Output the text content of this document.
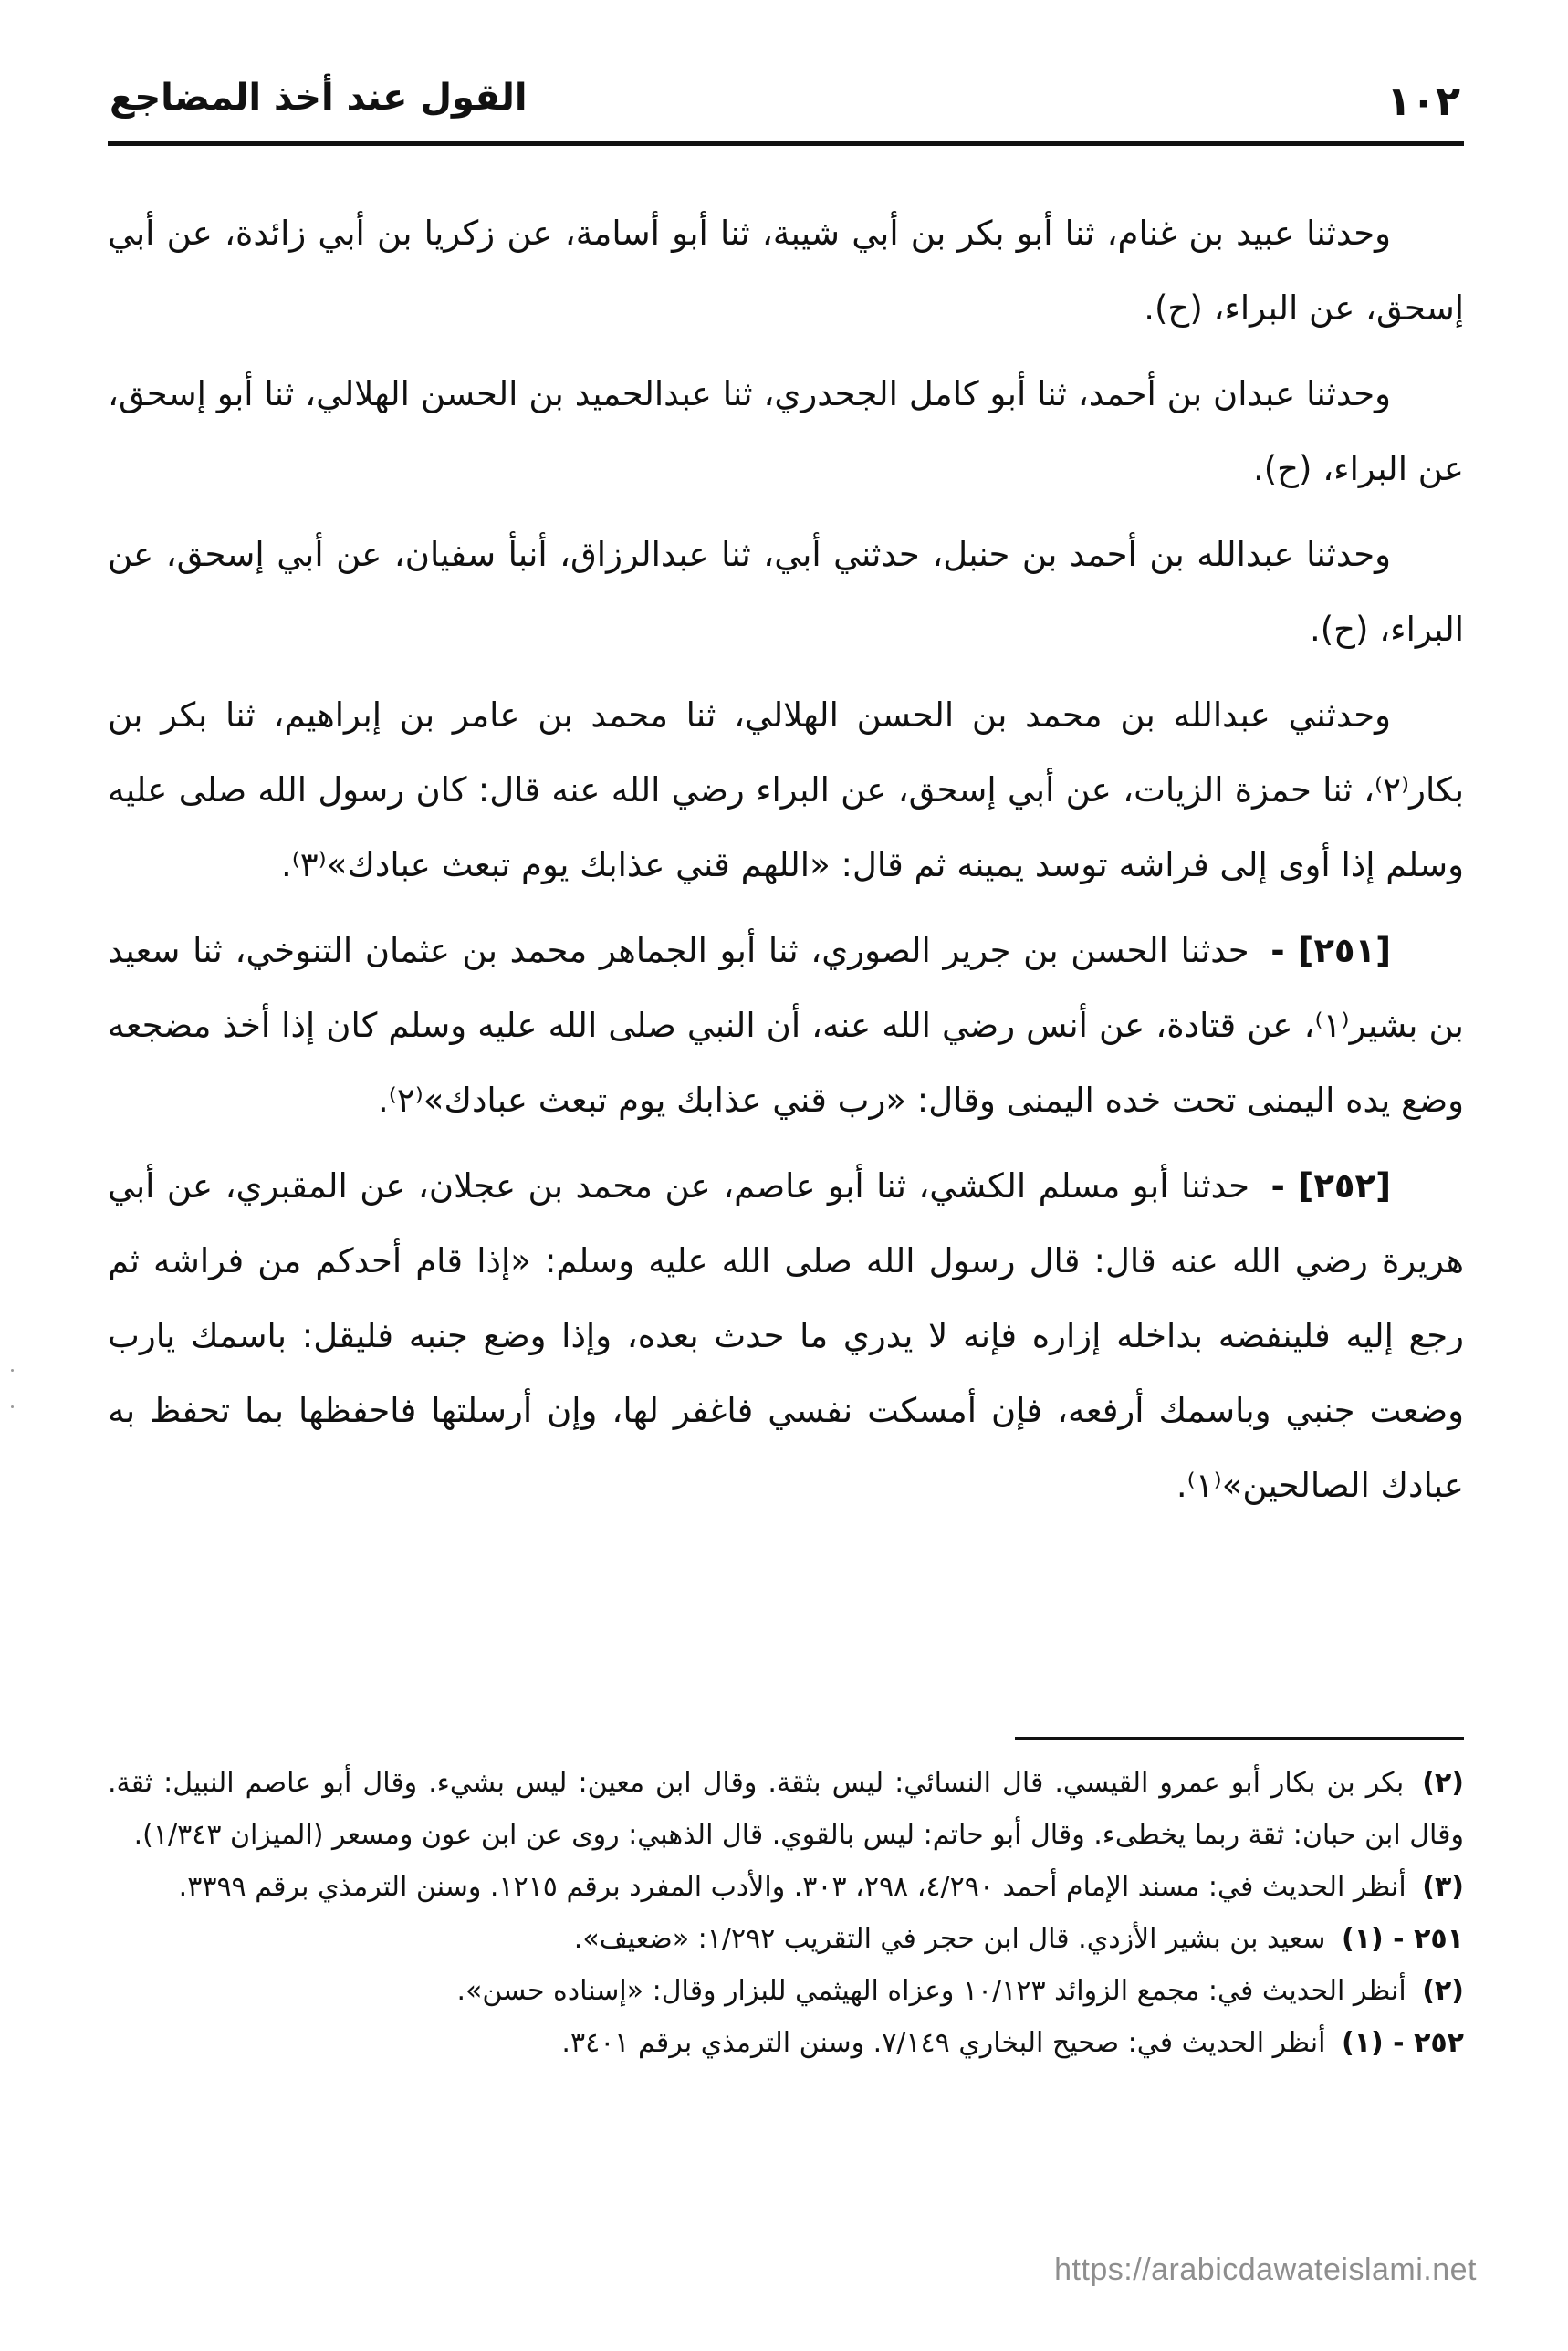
١٠٢
القول عند أخذ المضاجع

وحدثنا عبيد بن غنام، ثنا أبو بكر بن أبي شيبة، ثنا أبو أسامة، عن زكريا بن أبي زائدة، عن أبي إسحق، عن البراء، (ح).

وحدثنا عبدان بن أحمد، ثنا أبو كامل الجحدري، ثنا عبدالحميد بن الحسن الهلالي، ثنا أبو إسحق، عن البراء، (ح).

وحدثنا عبدالله بن أحمد بن حنبل، حدثني أبي، ثنا عبدالرزاق، أنبأ سفيان، عن أبي إسحق، عن البراء، (ح).

وحدثني عبدالله بن محمد بن الحسن الهلالي، ثنا محمد بن عامر بن إبراهيم، ثنا بكر بن بكار⁽٢⁾، ثنا حمزة الزيات، عن أبي إسحق، عن البراء رضي الله عنه قال: كان رسول الله صلى عليه وسلم إذا أوى إلى فراشه توسد يمينه ثم قال: «اللهم قني عذابك يوم تبعث عبادك»⁽٣⁾.

[٢٥١] - حدثنا الحسن بن جرير الصوري، ثنا أبو الجماهر محمد بن عثمان التنوخي، ثنا سعيد بن بشير⁽١⁾، عن قتادة، عن أنس رضي الله عنه، أن النبي صلى الله عليه وسلم كان إذا أخذ مضجعه وضع يده اليمنى تحت خده اليمنى وقال: «رب قني عذابك يوم تبعث عبادك»⁽٢⁾.

[٢٥٢] - حدثنا أبو مسلم الكشي، ثنا أبو عاصم، عن محمد بن عجلان، عن المقبري، عن أبي هريرة رضي الله عنه قال: قال رسول الله صلى الله عليه وسلم: «إذا قام أحدكم من فراشه ثم رجع إليه فلينفضه بداخله إزاره فإنه لا يدري ما حدث بعده، وإذا وضع جنبه فليقل: باسمك يارب وضعت جنبي وباسمك أرفعه، فإن أمسكت نفسي فاغفر لها، وإن أرسلتها فاحفظها بما تحفظ به عبادك الصالحين»⁽١⁾.

(٢) بكر بن بكار أبو عمرو القيسي. قال النسائي: ليس بثقة. وقال ابن معين: ليس بشيء. وقال أبو عاصم النبيل: ثقة. وقال ابن حبان: ثقة ربما يخطىء. وقال أبو حاتم: ليس بالقوي. قال الذهبي: روى عن ابن عون ومسعر (الميزان ١/٣٤٣).

(٣) أنظر الحديث في: مسند الإمام أحمد ٤/٢٩٠، ٢٩٨، ٣٠٣. والأدب المفرد برقم ١٢١٥. وسنن الترمذي برقم ٣٣٩٩.

٢٥١ - (١) سعيد بن بشير الأزدي. قال ابن حجر في التقريب ١/٢٩٢: «ضعيف».

(٢) أنظر الحديث في: مجمع الزوائد ١٠/١٢٣ وعزاه الهيثمي للبزار وقال: «إسناده حسن».

٢٥٢ - (١) أنظر الحديث في: صحيح البخاري ٧/١٤٩. وسنن الترمذي برقم ٣٤٠١.

https://arabicdawateislami.net
